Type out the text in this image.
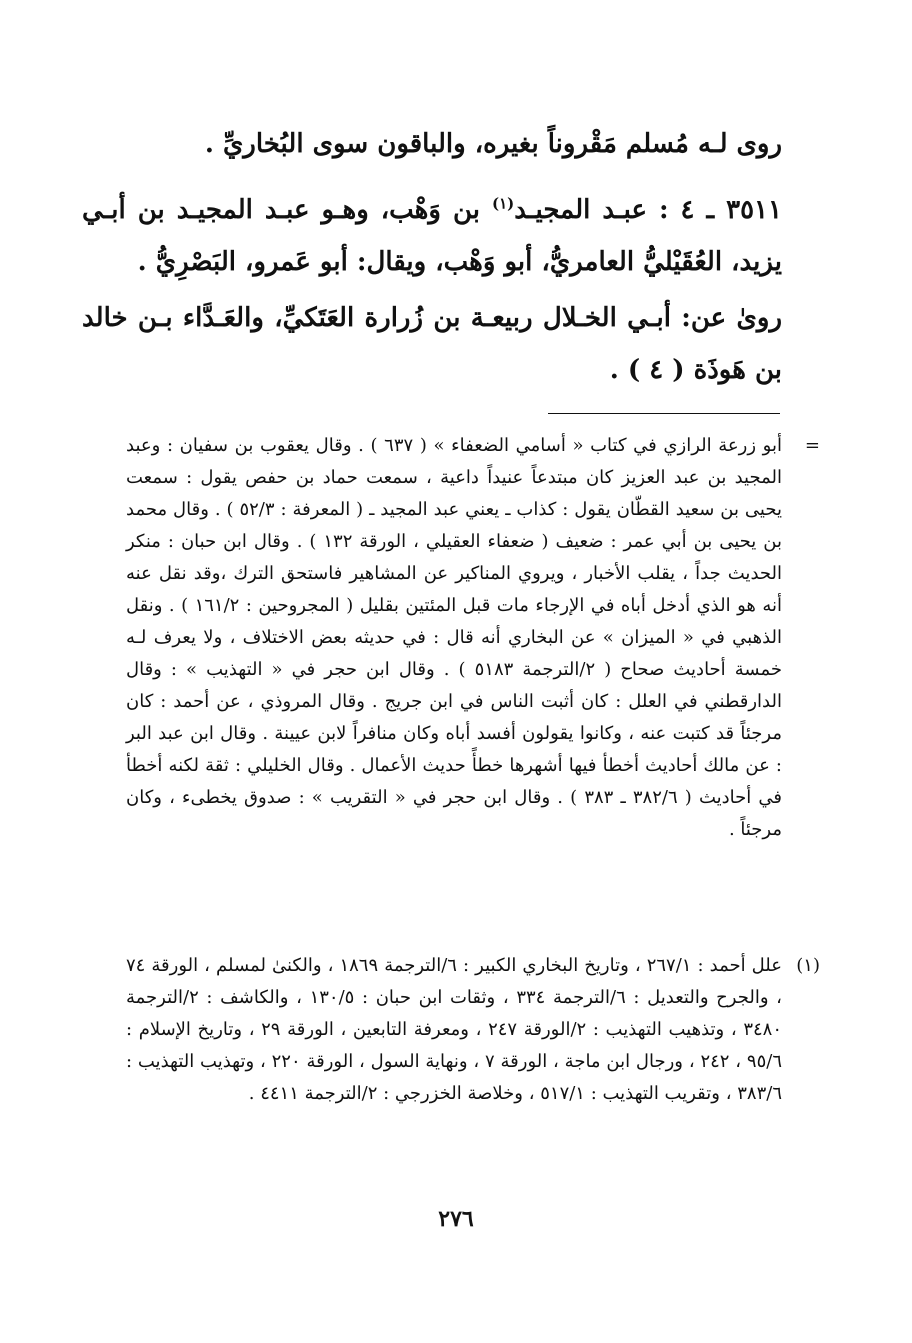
روى لـه مُسلم مَقْروناً بغيره، والباقون سوى البُخاريِّ .

٣٥١١ ـ ٤ : عبـد المجيـد$^{(١)}$ بن وَهْب، وهـو عبـد المجيـد بن أبـي يزيد، العُقَيْليُّ العامريُّ، أبو وَهْب، ويقال: أبو عَمرو، البَصْرِيُّ .

روىٰ عن: أبـي الخـلال ربيعـة بن زُرارة العَتَكيِّ، والعَـدَّاء بـن خالد بن هَوذَة ( ٤ ) .

=

أبو زرعة الرازي في كتاب « أسامي الضعفاء » ( ٦٣٧ ) . وقال يعقوب بن سفيان : وعبد المجيد بن عبد العزيز كان مبتدعاً عنيداً داعية ، سمعت حماد بن حفص يقول : سمعت يحيى بن سعيد القطّان يقول : كذاب ـ يعني عبد المجيد ـ ( المعرفة : ٥٢/٣ ) . وقال محمد بن يحيى بن أبي عمر : ضعيف ( ضعفاء العقيلي ، الورقة ١٣٢ ) . وقال ابن حبان : منكر الحديث جداً ، يقلب الأخبار ، ويروي المناكير عن المشاهير فاستحق الترك ،وقد نقل عنه أنه هو الذي أدخل أباه في الإرجاء مات قبل المئتين بقليل ( المجروحين : ١٦١/٢ ) . ونقل الذهبي في « الميزان » عن البخاري أنه قال : في حديثه بعض الاختلاف ، ولا يعرف لـه خمسة أحاديث صحاح ( ٢/الترجمة ٥١٨٣ ) . وقال ابن حجر في « التهذيب » : وقال الدارقطني في العلل : كان أثبت الناس في ابن جريج . وقال المروذي ، عن أحمد : كان مرجئاً قد كتبت عنه ، وكانوا يقولون أفسد أباه وكان منافراً لابن عيينة . وقال ابن عبد البر : عن مالك أحاديث أخطأ فيها أشهرها خطأً حديث الأعمال . وقال الخليلي : ثقة لكنه أخطأ في أحاديث ( ٣٨٢/٦ ـ ٣٨٣ ) . وقال ابن حجر في « التقريب » : صدوق يخطىء ، وكان مرجئاً .

(١)

علل أحمد : ٢٦٧/١ ، وتاريخ البخاري الكبير : ٦/الترجمة ١٨٦٩ ، والكنىٰ لمسلم ، الورقة ٧٤ ، والجرح والتعديل : ٦/الترجمة ٣٣٤ ، وثقات ابن حبان : ١٣٠/٥ ، والكاشف : ٢/الترجمة ٣٤٨٠ ، وتذهيب التهذيب : ٢/الورقة ٢٤٧ ، ومعرفة التابعين ، الورقة ٢٩ ، وتاريخ الإسلام : ٩٥/٦ ، ٢٤٢ ، ورجال ابن ماجة ، الورقة ٧ ، ونهاية السول ، الورقة ٢٢٠ ، وتهذيب التهذيب : ٣٨٣/٦ ، وتقريب التهذيب : ٥١٧/١ ، وخلاصة الخزرجي : ٢/الترجمة ٤٤١١ .

٢٧٦
